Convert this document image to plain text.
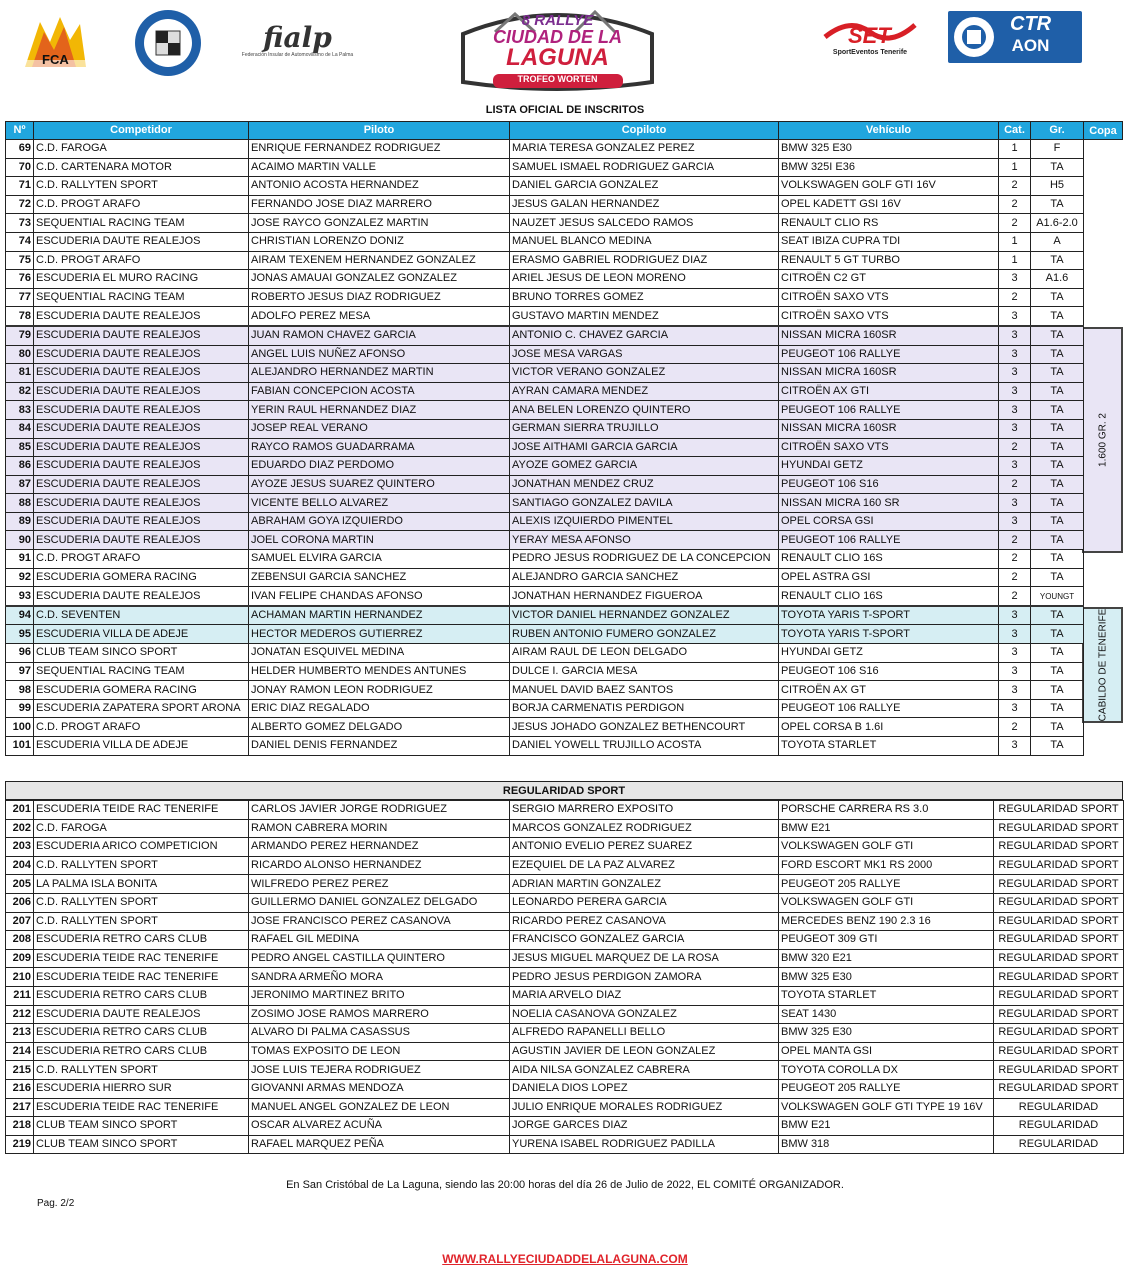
FCA
fialp
Federación Insular de Automovilismo de La Palma
8 RALLYE
CIUDAD DE LA
LAGUNA
TROFEO WORTEN
SET
SportEventos Tenerife
CTR
AON
LISTA OFICIAL DE INSCRITOS
1.600 GR. 2
CABILDO DE TENERIFE
Nº	Competidor	Piloto	Copiloto	Vehículo	Cat.	Gr.
69	C.D. FAROGA	ENRIQUE FERNANDEZ RODRIGUEZ	MARIA TERESA GONZALEZ PEREZ	BMW 325 E30	1	F
70	C.D. CARTENARA MOTOR	ACAIMO MARTIN VALLE	SAMUEL ISMAEL RODRIGUEZ GARCIA	BMW 325I E36	1	TA
71	C.D. RALLYTEN SPORT	ANTONIO ACOSTA HERNANDEZ	DANIEL GARCIA GONZALEZ	VOLKSWAGEN GOLF GTI 16V	2	H5
72	C.D. PROGT ARAFO	FERNANDO JOSE DIAZ MARRERO	JESUS GALAN HERNANDEZ	OPEL KADETT GSI 16V	2	TA
73	SEQUENTIAL RACING TEAM	JOSE RAYCO GONZALEZ MARTIN	NAUZET JESUS SALCEDO RAMOS	RENAULT CLIO RS	2	A1.6-2.0
74	ESCUDERIA DAUTE REALEJOS	CHRISTIAN LORENZO DONIZ	MANUEL BLANCO MEDINA	SEAT IBIZA CUPRA TDI	1	A
75	C.D. PROGT ARAFO	AIRAM TEXENEM HERNANDEZ GONZALEZ	ERASMO GABRIEL RODRIGUEZ DIAZ	RENAULT 5 GT TURBO	1	TA
76	ESCUDERIA EL MURO RACING	JONAS AMAUAI GONZALEZ GONZALEZ	ARIEL JESUS DE LEON MORENO	CITROËN C2 GT	3	A1.6
77	SEQUENTIAL RACING TEAM	ROBERTO JESUS DIAZ RODRIGUEZ	BRUNO TORRES GOMEZ	CITROËN SAXO VTS	2	TA
78	ESCUDERIA DAUTE REALEJOS	ADOLFO PEREZ MESA	GUSTAVO MARTIN MENDEZ	CITROËN SAXO VTS	3	TA
79	ESCUDERIA DAUTE REALEJOS	JUAN RAMON CHAVEZ GARCIA	ANTONIO C. CHAVEZ GARCIA	NISSAN MICRA 160SR	3	TA
80	ESCUDERIA DAUTE REALEJOS	ANGEL LUIS NUÑEZ AFONSO	JOSE MESA VARGAS	PEUGEOT 106 RALLYE	3	TA
81	ESCUDERIA DAUTE REALEJOS	ALEJANDRO HERNANDEZ MARTIN	VICTOR VERANO GONZALEZ	NISSAN MICRA 160SR	3	TA
82	ESCUDERIA DAUTE REALEJOS	FABIAN CONCEPCION ACOSTA	AYRAN CAMARA MENDEZ	CITROËN AX GTI	3	TA
83	ESCUDERIA DAUTE REALEJOS	YERIN RAUL HERNANDEZ DIAZ	ANA BELEN LORENZO QUINTERO	PEUGEOT 106 RALLYE	3	TA
84	ESCUDERIA DAUTE REALEJOS	JOSEP REAL VERANO	GERMAN SIERRA TRUJILLO	NISSAN MICRA 160SR	3	TA
85	ESCUDERIA DAUTE REALEJOS	RAYCO RAMOS GUADARRAMA	JOSE AITHAMI GARCIA GARCIA	CITROËN SAXO VTS	2	TA
86	ESCUDERIA DAUTE REALEJOS	EDUARDO DIAZ PERDOMO	AYOZE GOMEZ GARCIA	HYUNDAI GETZ	3	TA
87	ESCUDERIA DAUTE REALEJOS	AYOZE JESUS SUAREZ QUINTERO	JONATHAN MENDEZ CRUZ	PEUGEOT 106 S16	2	TA
88	ESCUDERIA DAUTE REALEJOS	VICENTE BELLO ALVAREZ	SANTIAGO GONZALEZ DAVILA	NISSAN MICRA 160 SR	3	TA
89	ESCUDERIA DAUTE REALEJOS	ABRAHAM GOYA IZQUIERDO	ALEXIS IZQUIERDO PIMENTEL	OPEL CORSA GSI	3	TA
90	ESCUDERIA DAUTE REALEJOS	JOEL CORONA MARTIN	YERAY MESA AFONSO	PEUGEOT 106 RALLYE	2	TA
91	C.D. PROGT ARAFO	SAMUEL ELVIRA GARCIA	PEDRO JESUS RODRIGUEZ DE LA CONCEPCION	RENAULT CLIO 16S	2	TA
92	ESCUDERIA GOMERA RACING	ZEBENSUI GARCIA SANCHEZ	ALEJANDRO GARCIA SANCHEZ	OPEL ASTRA GSI	2	TA
93	ESCUDERIA DAUTE REALEJOS	IVAN FELIPE CHANDAS AFONSO	JONATHAN HERNANDEZ FIGUEROA	RENAULT CLIO 16S	2	YOUNGT
94	C.D. SEVENTEN	ACHAMAN MARTIN HERNANDEZ	VICTOR DANIEL HERNANDEZ GONZALEZ	TOYOTA YARIS T-SPORT	3	TA
95	ESCUDERIA VILLA DE ADEJE	HECTOR MEDEROS GUTIERREZ	RUBEN ANTONIO FUMERO GONZALEZ	TOYOTA YARIS T-SPORT	3	TA
96	CLUB TEAM SINCO SPORT	JONATAN ESQUIVEL MEDINA	AIRAM RAUL DE LEON DELGADO	HYUNDAI GETZ	3	TA
97	SEQUENTIAL RACING TEAM	HELDER HUMBERTO MENDES ANTUNES	DULCE I. GARCIA MESA	PEUGEOT 106 S16	3	TA
98	ESCUDERIA GOMERA RACING	JONAY RAMON LEON RODRIGUEZ	MANUEL DAVID BAEZ SANTOS	CITROËN AX GT	3	TA
99	ESCUDERIA ZAPATERA SPORT ARONA	ERIC DIAZ REGALADO	BORJA CARMENATIS PERDIGON	PEUGEOT 106 RALLYE	3	TA
100	C.D. PROGT ARAFO	ALBERTO GOMEZ DELGADO	JESUS JOHADO GONZALEZ BETHENCOURT	OPEL CORSA B 1.6I	2	TA
101	ESCUDERIA VILLA DE ADEJE	DANIEL DENIS FERNANDEZ	DANIEL YOWELL TRUJILLO ACOSTA	TOYOTA STARLET	3	TA
Copa
REGULARIDAD SPORT
201	ESCUDERIA TEIDE RAC TENERIFE	CARLOS JAVIER JORGE RODRIGUEZ	SERGIO MARRERO EXPOSITO	PORSCHE CARRERA RS 3.0	REGULARIDAD SPORT
202	C.D. FAROGA	RAMON CABRERA MORIN	MARCOS GONZALEZ RODRIGUEZ	BMW E21	REGULARIDAD SPORT
203	ESCUDERIA ARICO COMPETICION	ARMANDO PEREZ HERNANDEZ	ANTONIO EVELIO PEREZ SUAREZ	VOLKSWAGEN GOLF GTI	REGULARIDAD SPORT
204	C.D. RALLYTEN SPORT	RICARDO ALONSO HERNANDEZ	EZEQUIEL DE LA PAZ ALVAREZ	FORD ESCORT MK1 RS 2000	REGULARIDAD SPORT
205	LA PALMA ISLA BONITA	WILFREDO PEREZ PEREZ	ADRIAN MARTIN GONZALEZ	PEUGEOT 205 RALLYE	REGULARIDAD SPORT
206	C.D. RALLYTEN SPORT	GUILLERMO DANIEL GONZALEZ DELGADO	LEONARDO PERERA GARCIA	VOLKSWAGEN GOLF GTI	REGULARIDAD SPORT
207	C.D. RALLYTEN SPORT	JOSE FRANCISCO PEREZ CASANOVA	RICARDO PEREZ CASANOVA	MERCEDES BENZ 190 2.3 16	REGULARIDAD SPORT
208	ESCUDERIA RETRO CARS CLUB	RAFAEL GIL MEDINA	FRANCISCO GONZALEZ GARCIA	PEUGEOT 309 GTI	REGULARIDAD SPORT
209	ESCUDERIA TEIDE RAC TENERIFE	PEDRO ANGEL CASTILLA QUINTERO	JESUS MIGUEL MARQUEZ DE LA ROSA	BMW 320 E21	REGULARIDAD SPORT
210	ESCUDERIA TEIDE RAC TENERIFE	SANDRA ARMEÑO MORA	PEDRO JESUS PERDIGON ZAMORA	BMW 325 E30	REGULARIDAD SPORT
211	ESCUDERIA RETRO CARS CLUB	JERONIMO MARTINEZ BRITO	MARIA ARVELO DIAZ	TOYOTA STARLET	REGULARIDAD SPORT
212	ESCUDERIA DAUTE REALEJOS	ZOSIMO JOSE RAMOS MARRERO	NOELIA CASANOVA GONZALEZ	SEAT 1430	REGULARIDAD SPORT
213	ESCUDERIA RETRO CARS CLUB	ALVARO DI PALMA CASASSUS	ALFREDO RAPANELLI BELLO	BMW 325 E30	REGULARIDAD SPORT
214	ESCUDERIA RETRO CARS CLUB	TOMAS EXPOSITO DE LEON	AGUSTIN JAVIER DE LEON GONZALEZ	OPEL MANTA GSI	REGULARIDAD SPORT
215	C.D. RALLYTEN SPORT	JOSE LUIS TEJERA RODRIGUEZ	AIDA NILSA GONZALEZ CABRERA	TOYOTA COROLLA DX	REGULARIDAD SPORT
216	ESCUDERIA HIERRO SUR	GIOVANNI ARMAS MENDOZA	DANIELA DIOS LOPEZ	PEUGEOT 205 RALLYE	REGULARIDAD SPORT
217	ESCUDERIA TEIDE RAC TENERIFE	MANUEL ANGEL GONZALEZ DE LEON	JULIO ENRIQUE MORALES RODRIGUEZ	VOLKSWAGEN GOLF GTI TYPE 19 16V	REGULARIDAD
218	CLUB TEAM SINCO SPORT	OSCAR ALVAREZ ACUÑA	JORGE GARCES DIAZ	BMW E21	REGULARIDAD
219	CLUB TEAM SINCO SPORT	RAFAEL MARQUEZ PEÑA	YURENA ISABEL RODRIGUEZ PADILLA	BMW 318	REGULARIDAD
En San Cristóbal de La Laguna, siendo las 20:00 horas del día 26 de Julio de 2022, EL COMITÉ ORGANIZADOR.
Pag. 2/2
WWW.RALLYECIUDADDELALAGUNA.COM
